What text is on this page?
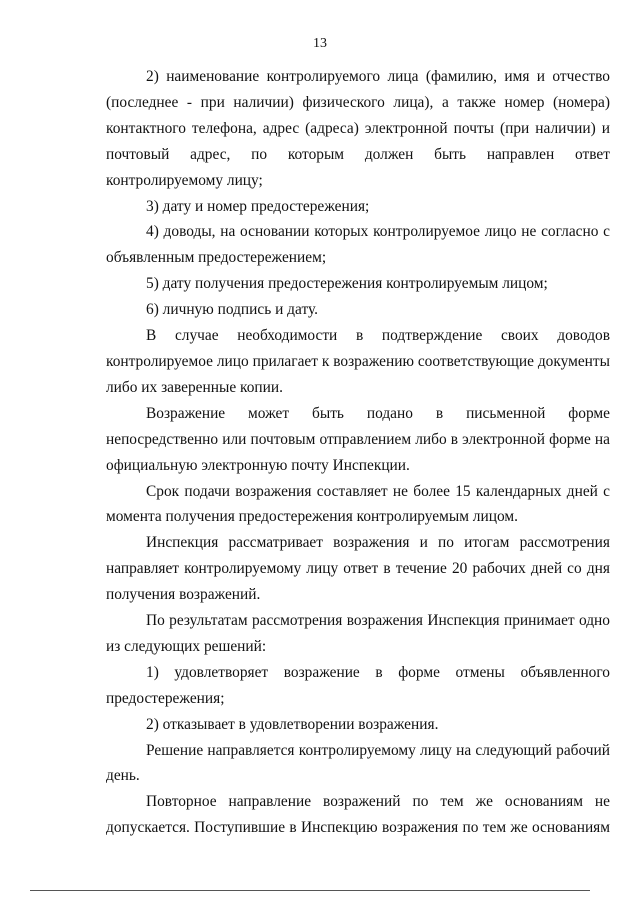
13

2) наименование контролируемого лица (фамилию, имя и отчество (последнее - при наличии) физического лица), а также номер (номера) контактного телефона, адрес (адреса) электронной почты (при наличии) и почтовый адрес, по которым должен быть направлен ответ контролируемому лицу;

3) дату и номер предостережения;

4) доводы, на основании которых контролируемое лицо не согласно с объявленным предостережением;

5) дату получения предостережения контролируемым лицом;

6) личную подпись и дату.

В случае необходимости в подтверждение своих доводов контролируемое лицо прилагает к возражению соответствующие документы либо их заверенные копии.

Возражение может быть подано в письменной форме непосредственно или почтовым отправлением либо в электронной форме на официальную электронную почту Инспекции.

Срок подачи возражения составляет не более 15 календарных дней с момента получения предостережения контролируемым лицом.

Инспекция рассматривает возражения и по итогам рассмотрения направляет контролируемому лицу ответ в течение 20 рабочих дней со дня получения возражений.

По результатам рассмотрения возражения Инспекция принимает одно из следующих решений:

1) удовлетворяет возражение в форме отмены объявленного предостережения;

2) отказывает в удовлетворении возражения.

Решение направляется контролируемому лицу на следующий рабочий день.

Повторное направление возражений по тем же основаниям не допускается. Поступившие в Инспекцию возражения по тем же основаниям
